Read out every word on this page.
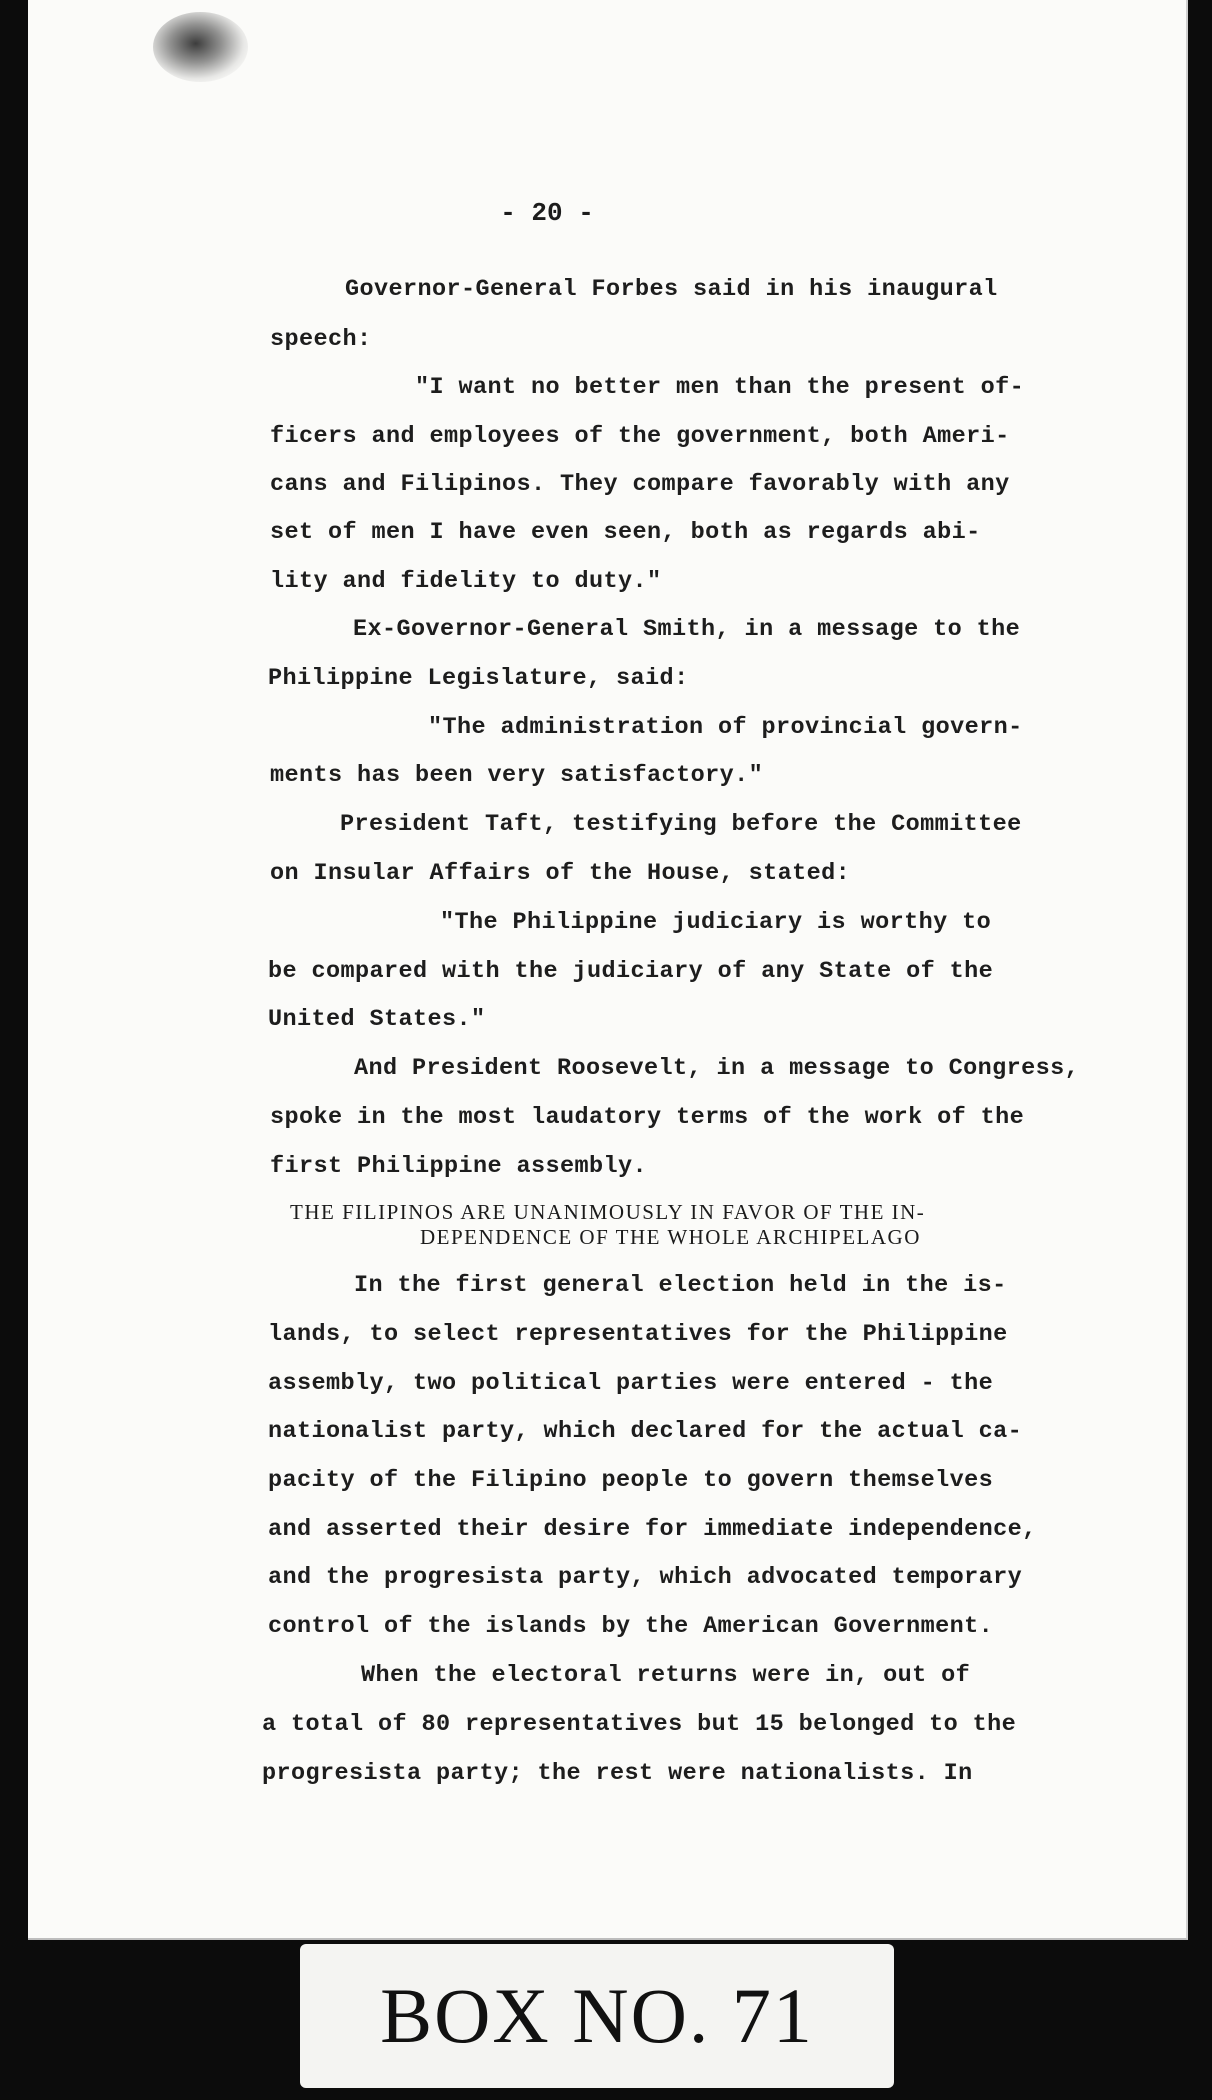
- 20 -
Governor-General Forbes said in his inaugural
speech:
"I want no better men than the present of-
ficers and employees of the government, both Ameri-
cans and Filipinos. They compare favorably with any
set of men I have even seen, both as regards abi-
lity and fidelity to duty."
Ex-Governor-General Smith, in a message to the
Philippine Legislature, said:
"The administration of provincial govern-
ments has been very satisfactory."
President Taft, testifying before the Committee
on Insular Affairs of the House, stated:
"The Philippine judiciary is worthy to
be compared with the judiciary of any State of the
United States."
And President Roosevelt, in a message to Congress,
spoke in the most laudatory terms of the work of the
first Philippine assembly.
THE FILIPINOS ARE UNANIMOUSLY IN FAVOR OF THE IN-
DEPENDENCE OF THE WHOLE ARCHIPELAGO
In the first general election held in the is-
lands, to select representatives for the Philippine
assembly, two political parties were entered - the
nationalist party, which declared for the actual ca-
pacity of the Filipino people to govern themselves
and asserted their desire for immediate independence,
and the progresista party, which advocated temporary
control of the islands by the American Government.
When the electoral returns were in, out of
a total of 80 representatives but 15 belonged to the
progresista party; the rest were nationalists. In
BOX NO. 71
